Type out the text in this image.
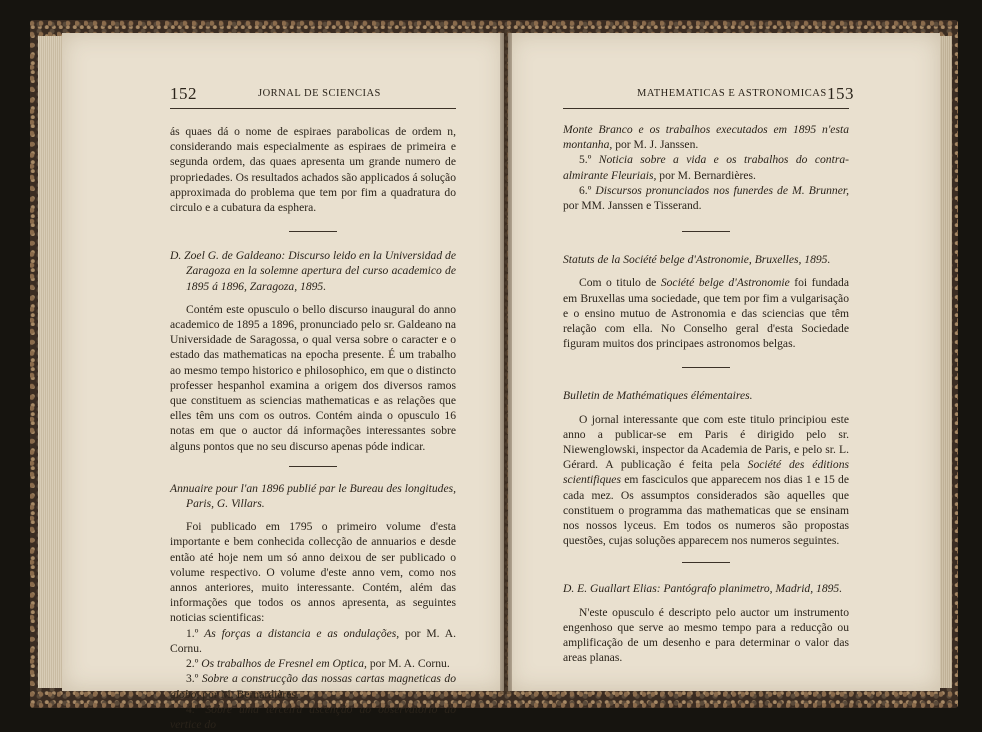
152	JORNAL DE SCIENCIAS	MATHEMATICAS E ASTRONOMICAS 153

ás quaes dá o nome de espiraes parabolicas de ordem n, considerando mais especialmente as espiraes de primeira e segunda ordem, das quaes apresenta um grande numero de propriedades. Os resultados achados são applicados á solução approximada do problema que tem por fim a quadratura do circulo e a cubatura da esphera.

D. Zoel G. de Galdeano: Discurso leido en la Universidad de Zaragoza en la solemne apertura del curso academico de 1895 á 1896, Zaragoza, 1895.

Contém este opusculo o bello discurso inaugural do anno academico de 1895 a 1896, pronunciado pelo sr. Galdeano na Universidade de Saragossa, o qual versa sobre o caracter e o estado das mathematicas na epocha presente. É um trabalho ao mesmo tempo historico e philosophico, em que o distincto professer hespanhol examina a origem dos diversos ramos que constituem as sciencias mathematicas e as relações que elles têm uns com os outros. Contém ainda o opusculo 16 notas em que o auctor dá informações interessantes sobre alguns pontos que no seu discurso apenas póde indicar.

Annuaire pour l'an 1896 publié par le Bureau des longitudes, Paris, G. Villars.

Foi publicado em 1795 o primeiro volume d'esta importante e bem conhecida collecção de annuarios e desde então até hoje nem um só anno deixou de ser publicado o volume respectivo. O volume d'este anno vem, como nos annos anteriores, muito interessante. Contém, além das informações que todos os annos apresenta, as seguintes noticias scientificas:

1.º As forças a distancia e as ondulações, por M. A. Cornu.

2.º Os trabalhos de Fresnel em Optica, por M. A. Cornu.

3.º Sobre a construcção das nossas cartas magneticas do globo, por M. Bernardières.

4.º Sobre uma terceira ascenção ao observatorio do vertice do

Monte Branco e os trabalhos executados em 1895 n'esta montanha, por M. J. Janssen.

5.º Noticia sobre a vida e os trabalhos do contra-almirante Fleuriais, por M. Bernardières.

6.º Discursos pronunciados nos funerdes de M. Brunner, por MM. Janssen e Tisserand.

Statuts de la Société belge d'Astronomie, Bruxelles, 1895.

Com o titulo de Société belge d'Astronomie foi fundada em Bruxellas uma sociedade, que tem por fim a vulgarisação e o ensino mutuo de Astronomia e das sciencias que têm relação com ella. No Conselho geral d'esta Sociedade figuram muitos dos principaes astronomos belgas.

Bulletin de Mathématiques élémentaires.

O jornal interessante que com este titulo principiou este anno a publicar-se em Paris é dirigido pelo sr. Niewenglowski, inspector da Academia de Paris, e pelo sr. L. Gérard. A publicação é feita pela Société des éditions scientifiques em fasciculos que apparecem nos dias 1 e 15 de cada mez. Os assumptos considerados são aquelles que constituem o programma das mathematicas que se ensinam nos nossos lyceus. Em todos os numeros são propostas questões, cujas soluções apparecem nos numeros seguintes.

D. E. Guallart Elias: Pantógrafo planimetro, Madrid, 1895.

N'este opusculo é descripto pelo auctor um instrumento engenhoso que serve ao mesmo tempo para a reducção ou amplificação de um desenho e para determinar o valor das areas planas.
